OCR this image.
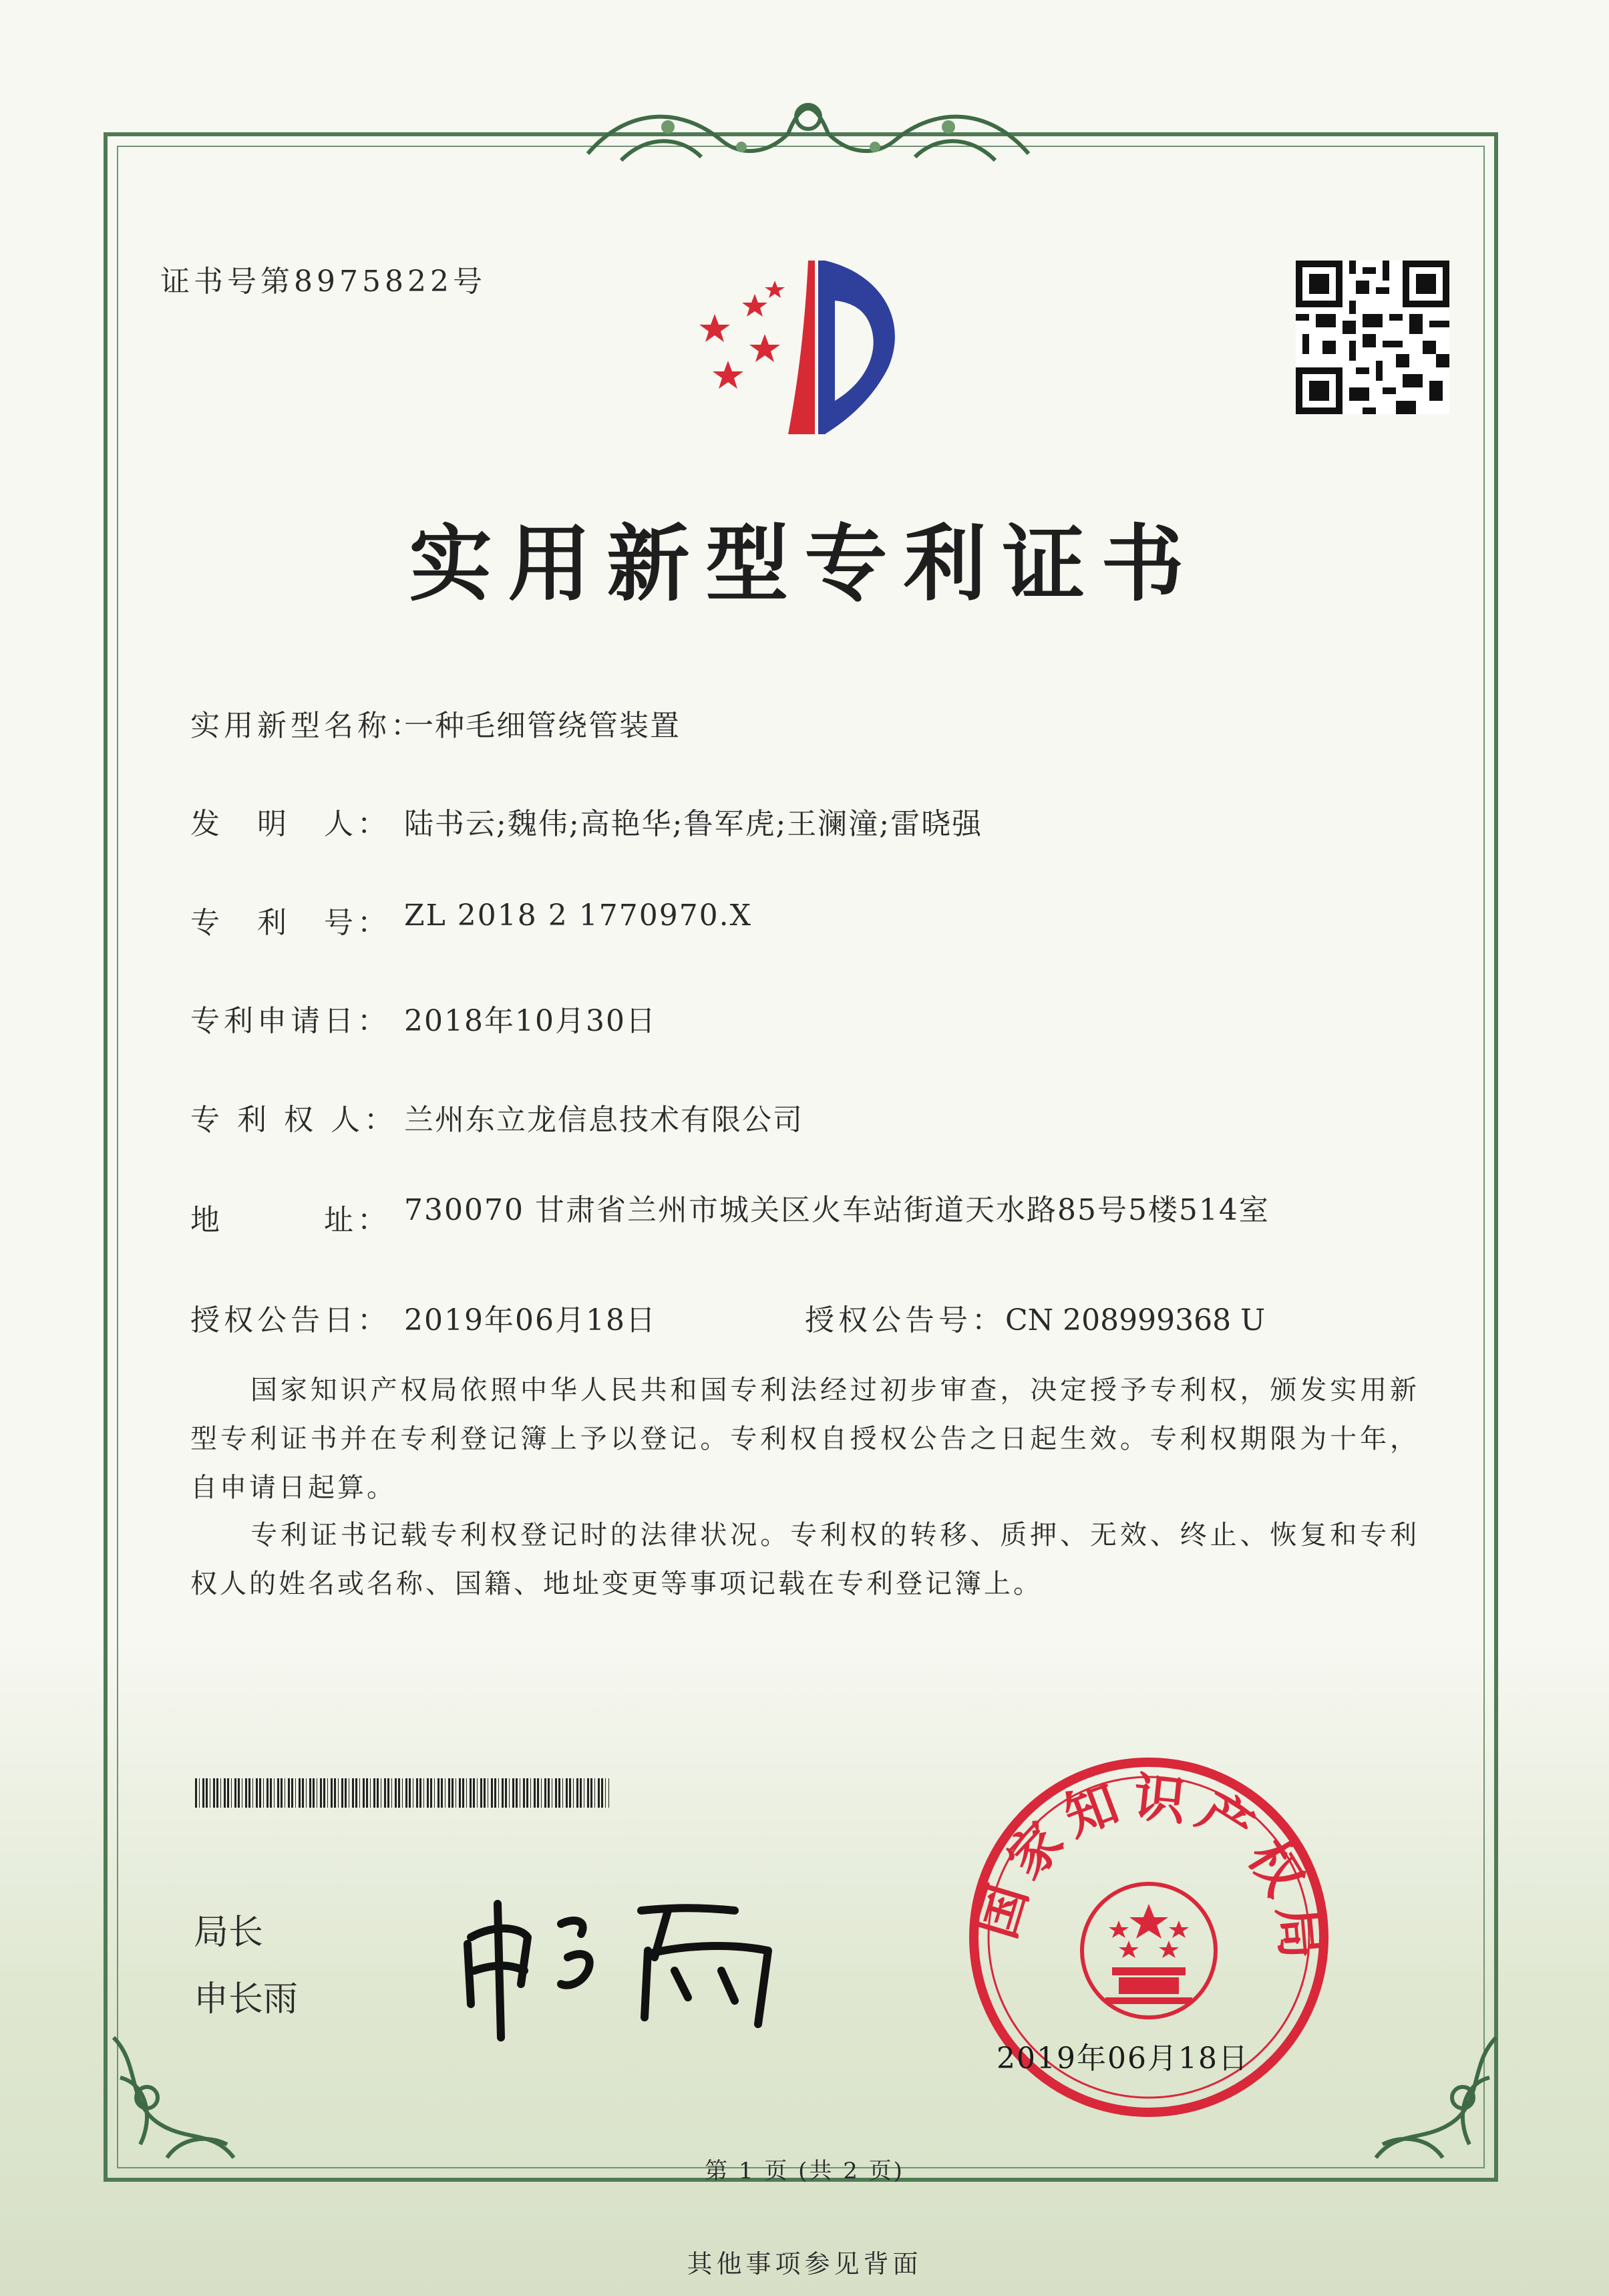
证书号第8975822号
实用新型专利证书
实用新型名称：一种毛细管绕管装置
发　明　人： 陆书云;魏伟;高艳华;鲁军虎;王澜潼;雷晓强
专　利　号： ZL 2018 2 1770970.X
专利申请日： 2018年10月30日
专 利 权 人： 兰州东立龙信息技术有限公司
地　　　址： 730070 甘肃省兰州市城关区火车站街道天水路85号5楼514室
授权公告日： 2019年06月18日	授权公告号：CN 208999368 U
国家知识产权局依照中华人民共和国专利法经过初步审查，决定授予专利权，颁发实用新型专利证书并在专利登记簿上予以登记。专利权自授权公告之日起生效。专利权期限为十年，自申请日起算。
专利证书记载专利权登记时的法律状况。专利权的转移、质押、无效、终止、恢复和专利权人的姓名或名称、国籍、地址变更等事项记载在专利登记簿上。
局长
申长雨
国家知识产权局
2019年06月18日
第 1 页 (共 2 页)
其他事项参见背面
